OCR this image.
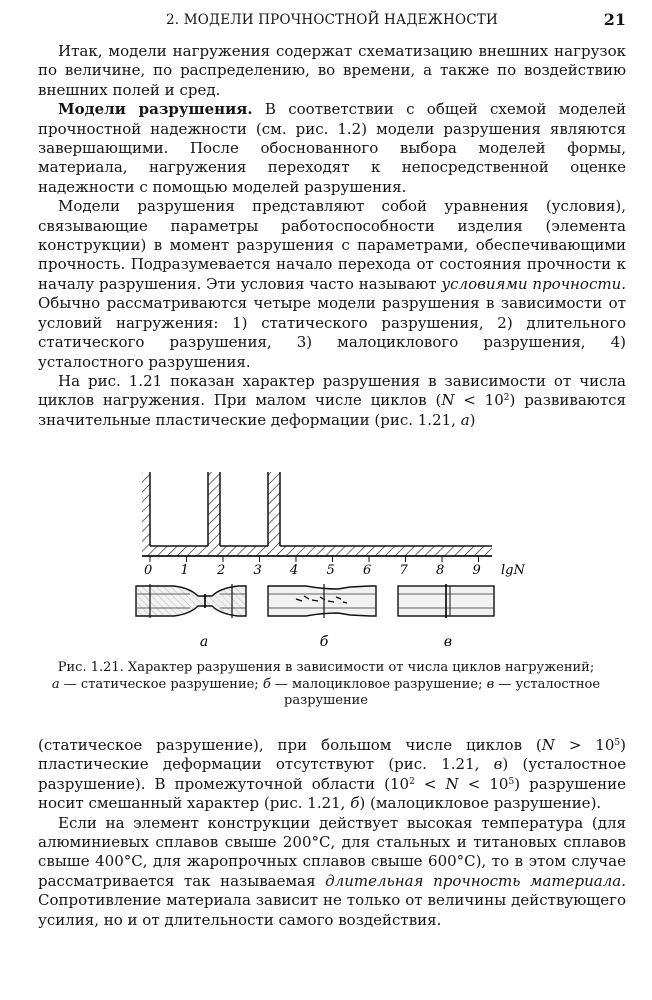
2. МОДЕЛИ ПРОЧНОСТНОЙ НАДЕЖНОСТИ	21

Итак, модели нагружения содержат схематизацию внешних нагрузок по величине, по распределению, во времени, а также по воздействию внешних полей и сред.

Модели разрушения. В соответствии с общей схемой моделей прочностной надежности (см. рис. 1.2) модели разрушения являются завершающими. После обоснованного выбора моделей формы, материала, нагружения переходят к непосредственной оценке надежности с помощью моделей разрушения.

Модели разрушения представляют собой уравнения (условия), связывающие параметры работоспособности изделия (элемента конструкции) в момент разрушения с параметрами, обеспечивающими прочность. Подразумевается начало перехода от состояния прочности к началу разрушения. Эти условия часто называют условиями прочности. Обычно рассматриваются четыре модели разрушения в зависимости от условий нагружения: 1) статического разрушения, 2) длительного статического разрушения, 3) малоциклового разрушения, 4) усталостного разрушения.

На рис. 1.21 показан характер разрушения в зависимости от числа циклов нагружения. При малом числе циклов $(N < 10^2)$ развиваются значительные пластические деформации (рис. 1.21, а)

0 1 2 3 4 5 6 7 8 9 lgN
а	б	в
Рис. 1.21. Характер разрушения в зависимости от числа циклов нагружений;
а — статическое разрушение; б — малоцикловое разрушение; в — усталостное разрушение

(статическое разрушение), при большом числе циклов $(N > 10^5)$ пластические деформации отсутствуют (рис. 1.21, в) (усталостное разрушение). В промежуточной области $(10^2 < N < 10^5)$ разрушение носит смешанный характер (рис. 1.21, б) (малоцикловое разрушение).

Если на элемент конструкции действует высокая температура (для алюминиевых сплавов свыше 200°С, для стальных и титановых сплавов свыше 400°С, для жаропрочных сплавов свыше 600°С), то в этом случае рассматривается так называемая длительная прочность материала. Сопротивление материала зависит не только от величины действующего усилия, но и от длительности самого воздействия.
